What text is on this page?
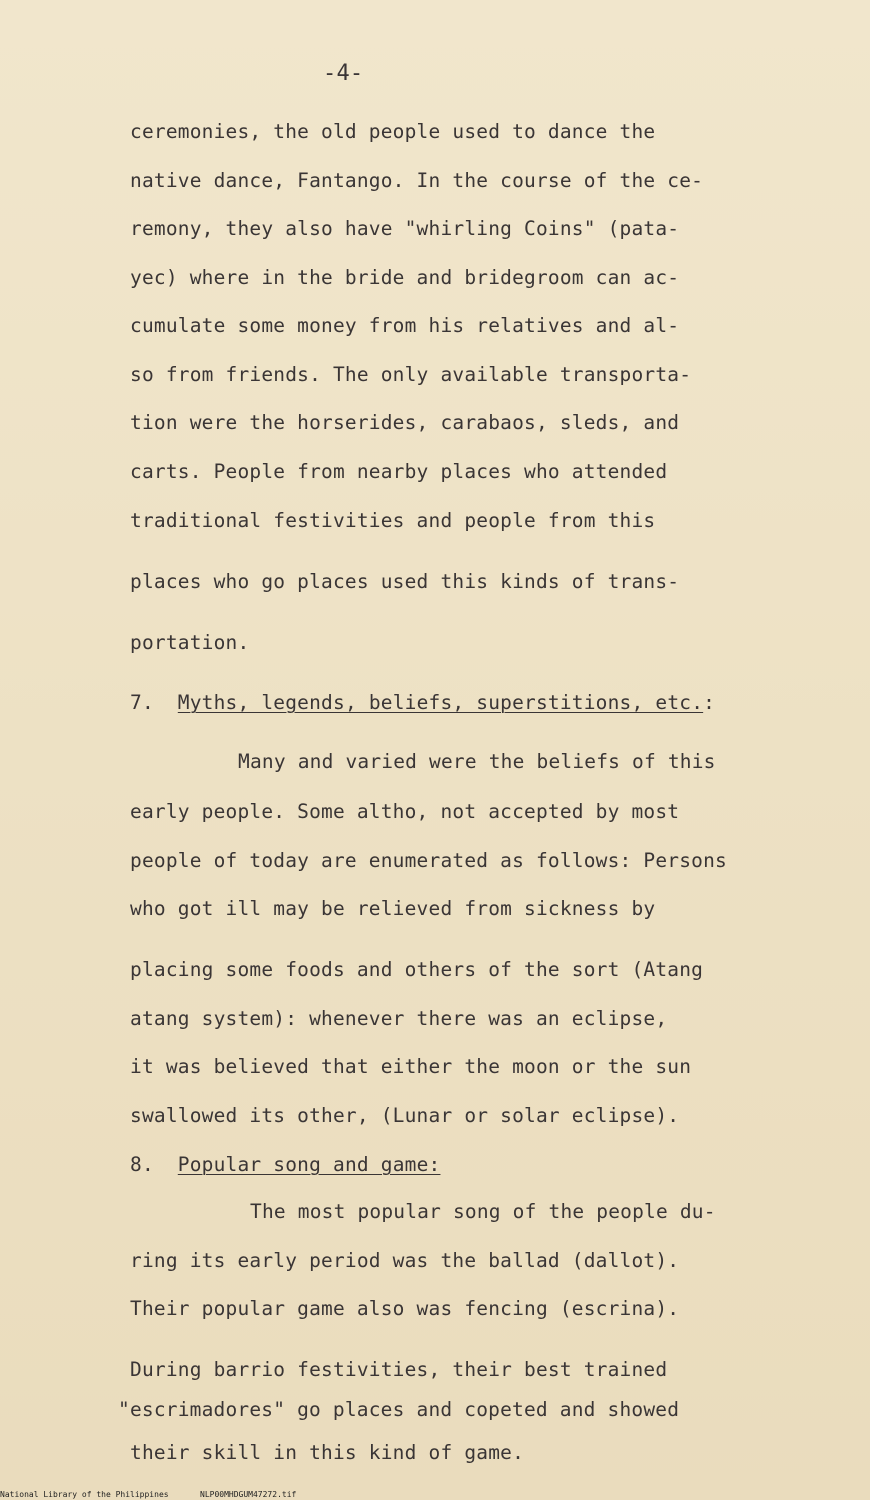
-4-
ceremonies, the old people used to dance the
native dance, Fantango. In the course of the ce-
remony, they also have "whirling Coins" (pata-
yec) where in the bride and bridegroom can ac-
cumulate some money from his relatives and al-
so from friends. The only available transporta-
tion were the horserides, carabaos, sleds, and
carts. People from nearby places who attended
traditional festivities and people from this
places who go places used this kinds of trans-
portation.
7. Myths, legends, beliefs, superstitions, etc.:
Many and varied were the beliefs of this
early people. Some altho, not accepted by most
people of today are enumerated as follows: Persons
who got ill may be relieved from sickness by
placing some foods and others of the sort (Atang
atang system): whenever there was an eclipse,
it was believed that either the moon or the sun
swallowed its other, (Lunar or solar eclipse).
8. Popular song and game:
The most popular song of the people du-
ring its early period was the ballad (dallot).
Their popular game also was fencing (escrina).
During barrio festivities, their best trained
"escrimadores" go places and copeted and showed
their skill in this kind of game.
National Library of the Philippines	NLP00MHDGUM47272.tif
